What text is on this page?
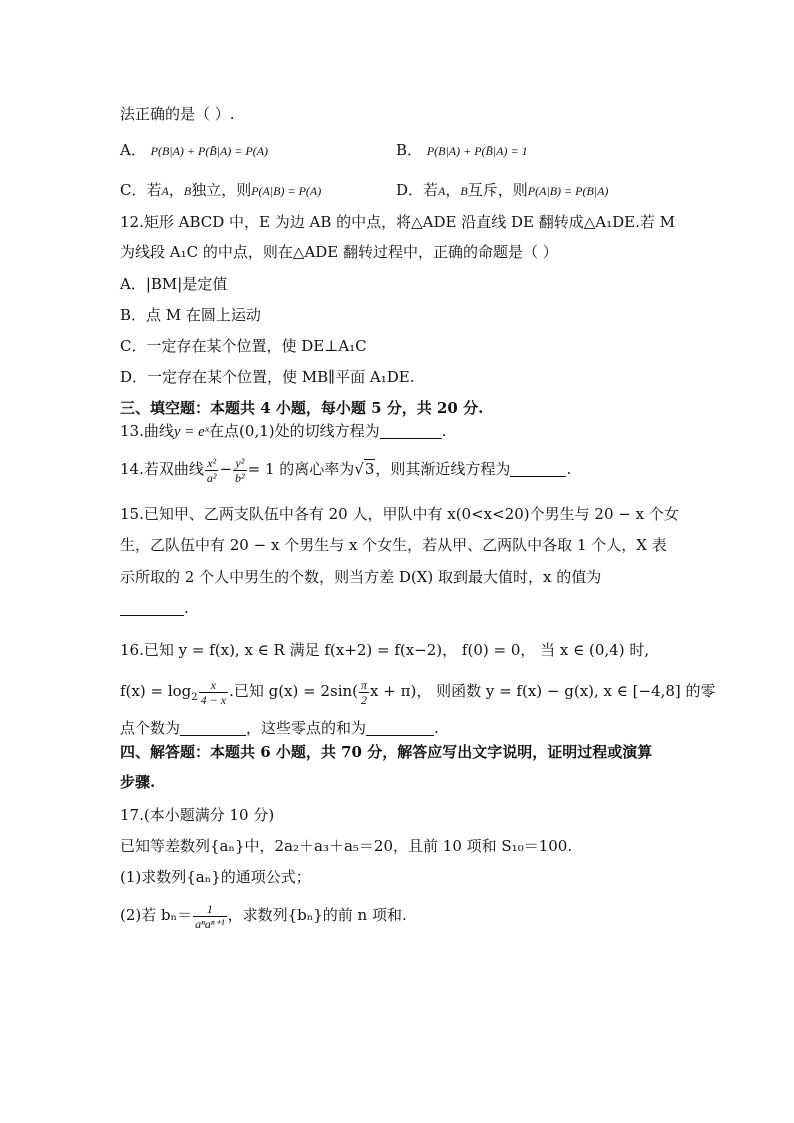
法正确的是（ ）.
A． P(B|A) + P(B̄|A) = P(A)	B． P(B|A) + P(B̄|A) = 1
C．若A，B独立，则P(A|B) = P(A)	D．若A，B互斥，则P(A|B) = P(B|A)
12.矩形 ABCD 中，E 为边 AB 的中点，将△ADE 沿直线 DE 翻转成△A₁DE.若 M
为线段 A₁C 的中点，则在△ADE 翻转过程中，正确的命题是（ ）
A．|BM|是定值
B．点 M 在圆上运动
C．一定存在某个位置，使 DE⊥A₁C
D．一定存在某个位置，使 MB∥平面 A₁DE.
三、填空题：本题共 4 小题，每小题 5 分，共 20 分.
13.曲线y = eˣ在点(0,1)处的切线方程为	.
14.若双曲线 $\frac{\text{x²}}{\text{a²}} - \frac{\text{y²}}{\text{b²}} = 1$ 的离心率为√3，则其渐近线方程为	.
15.已知甲、乙两支队伍中各有 20 人，甲队中有 x(0<x<20)个男生与 20 − x 个女
生，乙队伍中有 20 − x 个男生与 x 个女生，若从甲、乙两队中各取 1 个人，X 表
示所取的 2 个人中男生的个数，则当方差 D(X) 取到最大值时，x 的值为
.
16.已知 y = f(x), x ∈ R 满足 f(x+2) = f(x−2)， f(0) = 0， 当 x ∈ (0,4) 时,
$f(x) = \log_2 \frac{x}{4 - x}$ .已知 $g(x) = 2\sin( \frac{\pi}{2}$ x + π)， 则函数 y = f(x) − g(x), x ∈ [−4,8] 的零
点个数为	，这些零点的和为	.
四、解答题：本题共 6 小题，共 70 分，解答应写出文字说明，证明过程或演算
步骤.
17.(本小题满分 10 分)
已知等差数列{aₙ}中，2a₂＋a₃＋a₅＝20，且前 10 项和 S₁₀＝100.
(1)求数列{aₙ}的通项公式；
(2)若 $b_n= \frac{1}{\text{aⁿaⁿ⁺¹}}$ ，求数列{bₙ}的前 n 项和.
